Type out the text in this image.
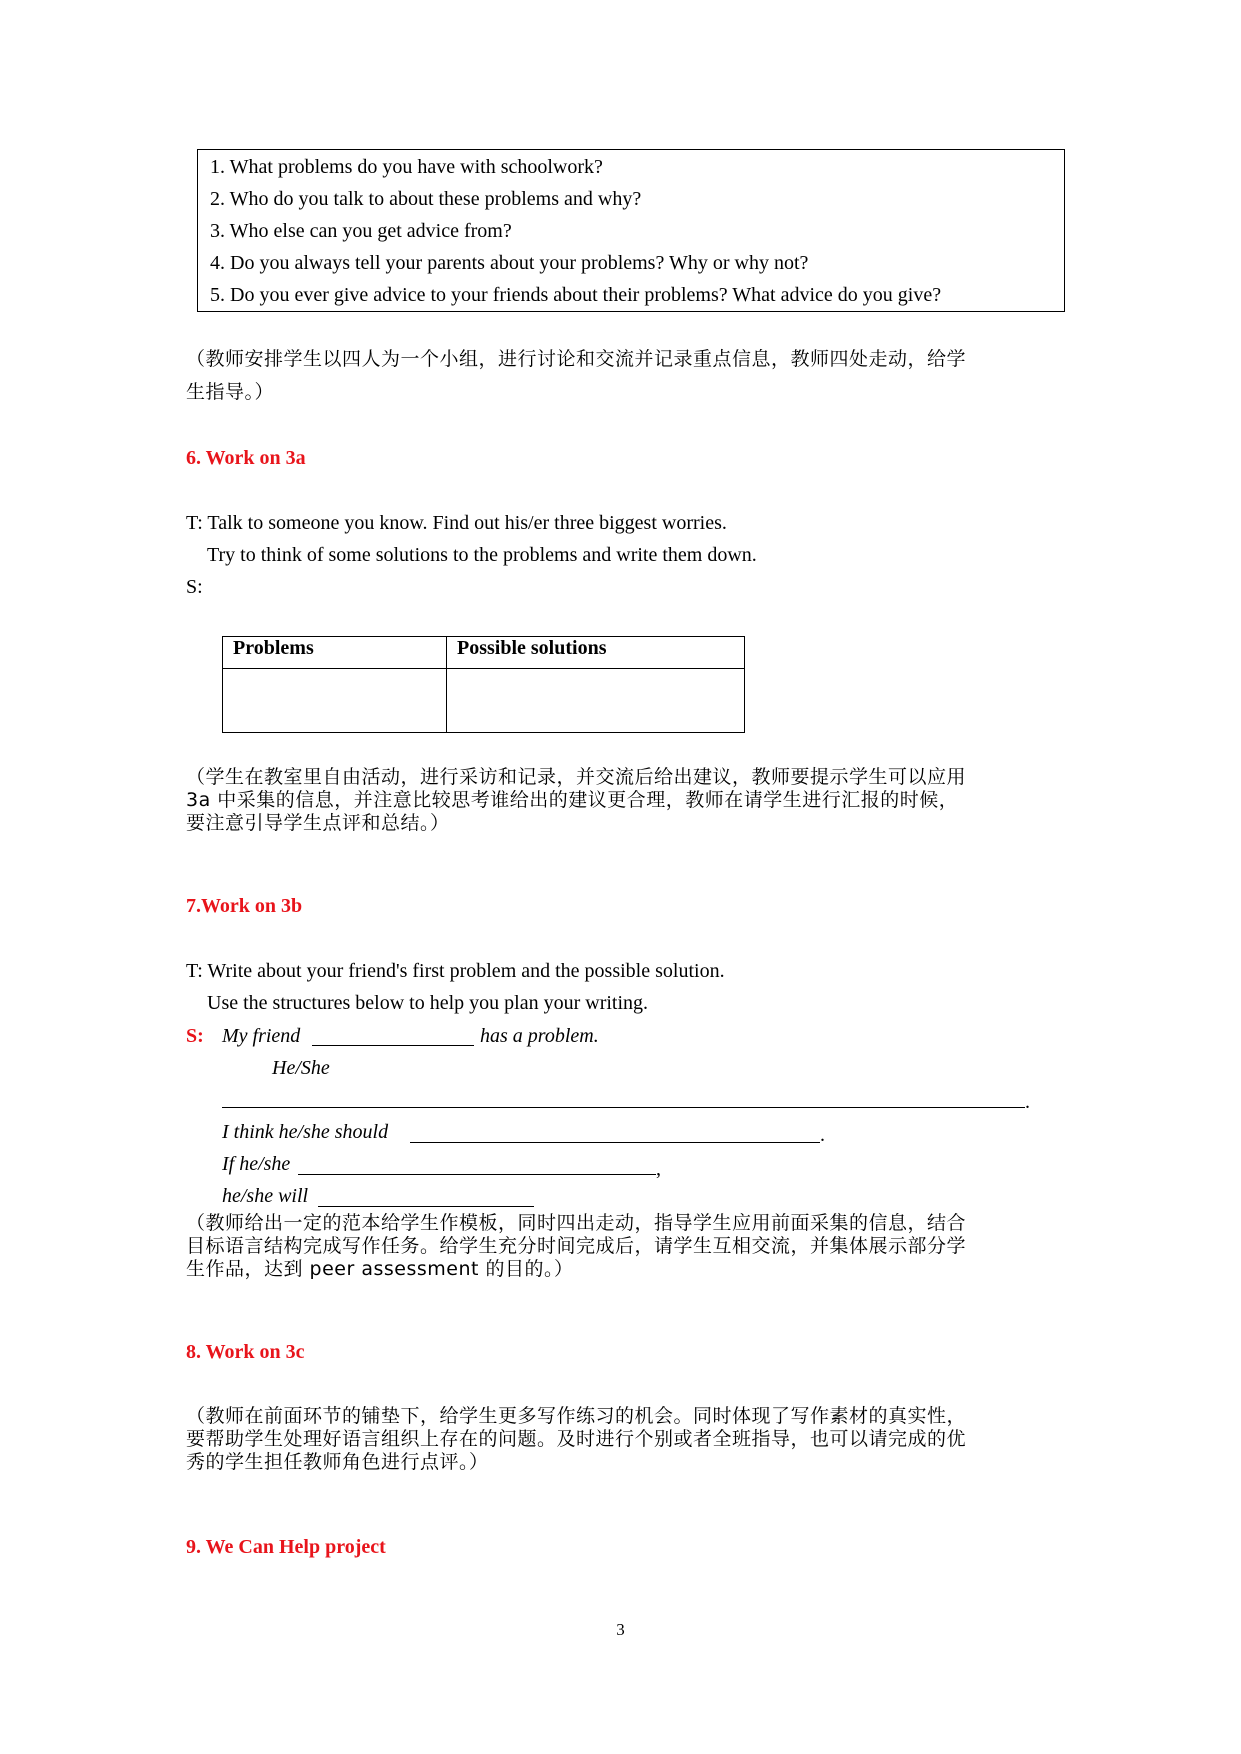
1. What problems do you have with schoolwork?
2. Who do you talk to about these problems and why?
3. Who else can you get advice from?
4. Do you always tell your parents about your problems? Why or why not?
5. Do you ever give advice to your friends about their problems? What advice do you give?
（教师安排学生以四人为一个小组，进行讨论和交流并记录重点信息，教师四处走动，给学
生指导。）
6. Work on 3a
T: Talk to someone you know. Find out his/er three biggest worries.
Try to think of some solutions to the problems and write them down.
S:
Problems	Possible solutions

（学生在教室里自由活动，进行采访和记录，并交流后给出建议，教师要提示学生可以应用
3a 中采集的信息，并注意比较思考谁给出的建议更合理，教师在请学生进行汇报的时候，
要注意引导学生点评和总结。）
7.Work on 3b
T: Write about your friend's first problem and the possible solution.
Use the structures below to help you plan your writing.
S: My friend	has a problem.
He/She
.
I think he/she should	.
If he/she	,
he/she will
（教师给出一定的范本给学生作模板，同时四出走动，指导学生应用前面采集的信息，结合
目标语言结构完成写作任务。给学生充分时间完成后，请学生互相交流，并集体展示部分学
生作品，达到 peer assessment 的目的。）
8. Work on 3c
（教师在前面环节的铺垫下，给学生更多写作练习的机会。同时体现了写作素材的真实性，
要帮助学生处理好语言组织上存在的问题。及时进行个别或者全班指导，也可以请完成的优
秀的学生担任教师角色进行点评。）
9. We Can Help project
3
